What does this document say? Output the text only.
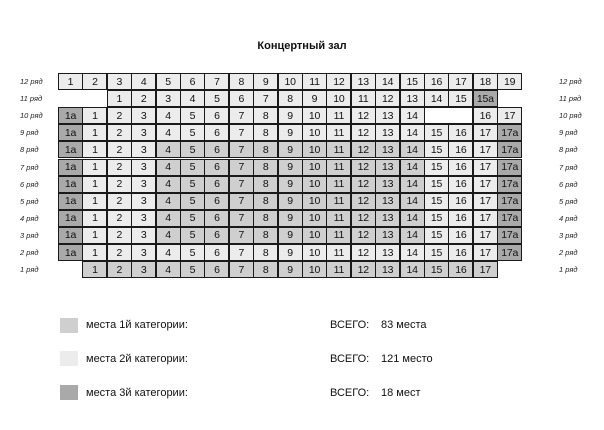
Концертный зал
12 ряд	12 ряд
1	2	3	4	5	6	7	8	9	10	11	12	13	14	15	16	17	18	19
11 ряд	11 ряд
1	2	3	4	5	6	7	8	9	10	11	12	13	14	15 15а
10 ряд	10 ряд
1а	1	2	3	4	5	6	7	8	9	10	11	12	13	14	16	17
9 ряд	9 ряд
1а	1	2	3	4	5	6	7	8	9	10	11	12	13	14	15	16	17 17а
8 ряд	8 ряд
1а	1	2	3	4	5	6	7	8	9	10	11	12	13	14	15	16	17 17а
7 ряд	7 ряд
1а	1	2	3	4	5	6	7	8	9	10	11	12	13	14	15	16	17 17а
6 ряд	6 ряд
1а	1	2	3	4	5	6	7	8	9	10	11	12	13	14	15	16	17 17а
5 ряд	5 ряд
1а	1	2	3	4	5	6	7	8	9	10	11	12	13	14	15	16	17 17а
4 ряд	4 ряд
1а	1	2	3	4	5	6	7	8	9	10	11	12	13	14	15	16	17 17а
3 ряд	3 ряд
1а	1	2	3	4	5	6	7	8	9	10	11	12	13	14	15	16	17 17а
2 ряд	2 ряд
1а	1	2	3	4	5	6	7	8	9	10	11	12	13	14	15	16	17 17а
1 ряд	1 ряд
1	2	3	4	5	6	7	8	9	10	11	12	13	14	15	16	17
места 1й категории:	ВСЕГО: 83 места
места 2й категории:	ВСЕГО: 121 место
места 3й категории:	ВСЕГО: 18 мест
